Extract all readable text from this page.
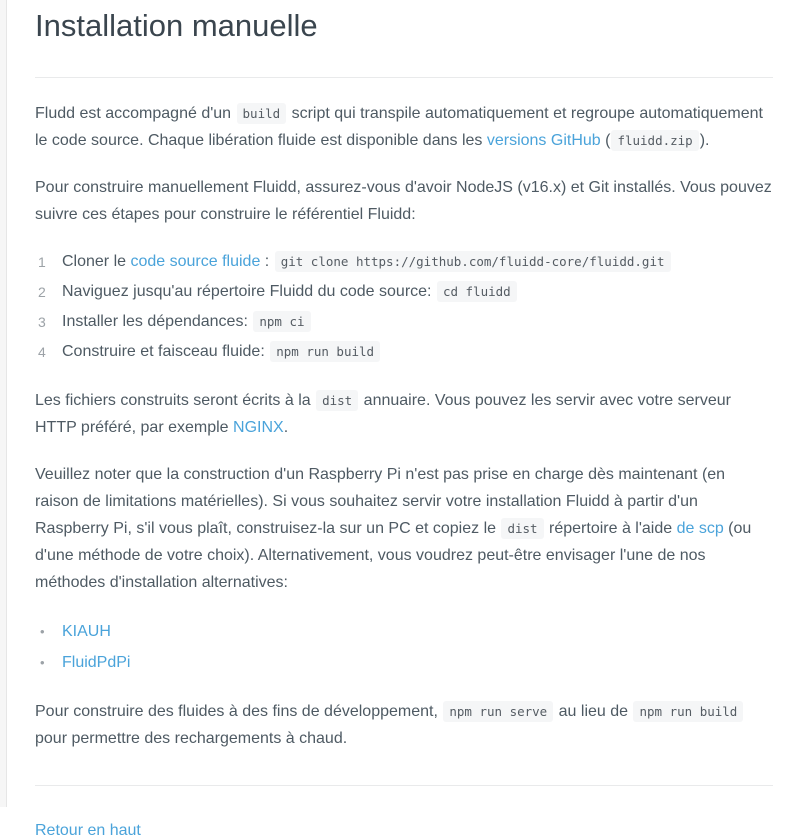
Installation manuelle

Fludd est accompagné d'un build script qui transpile automatiquement et regroupe automatiquement le code source. Chaque libération fluide est disponible dans les versions GitHub ( fluidd.zip ).

Pour construire manuellement Fluidd, assurez-vous d'avoir NodeJS (v16.x) et Git installés. Vous pouvez suivre ces étapes pour construire le référentiel Fluidd:

Cloner le code source fluide : git clone https://github.com/fluidd-core/fluidd.git
Naviguez jusqu'au répertoire Fluidd du code source: cd fluidd
Installer les dépendances: npm ci
Construire et faisceau fluide: npm run build

Les fichiers construits seront écrits à la dist annuaire. Vous pouvez les servir avec votre serveur HTTP préféré, par exemple NGINX.

Veuillez noter que la construction d'un Raspberry Pi n'est pas prise en charge dès maintenant (en raison de limitations matérielles). Si vous souhaitez servir votre installation Fluidd à partir d'un Raspberry Pi, s'il vous plaît, construisez-la sur un PC et copiez le dist répertoire à l'aide de scp (ou d'une méthode de votre choix). Alternativement, vous voudrez peut-être envisager l'une de nos méthodes d'installation alternatives:

• KIAUH
• FluidPdPi

Pour construire des fluides à des fins de développement, npm run serve au lieu de npm run build pour permettre des rechargements à chaud.

Retour en haut
